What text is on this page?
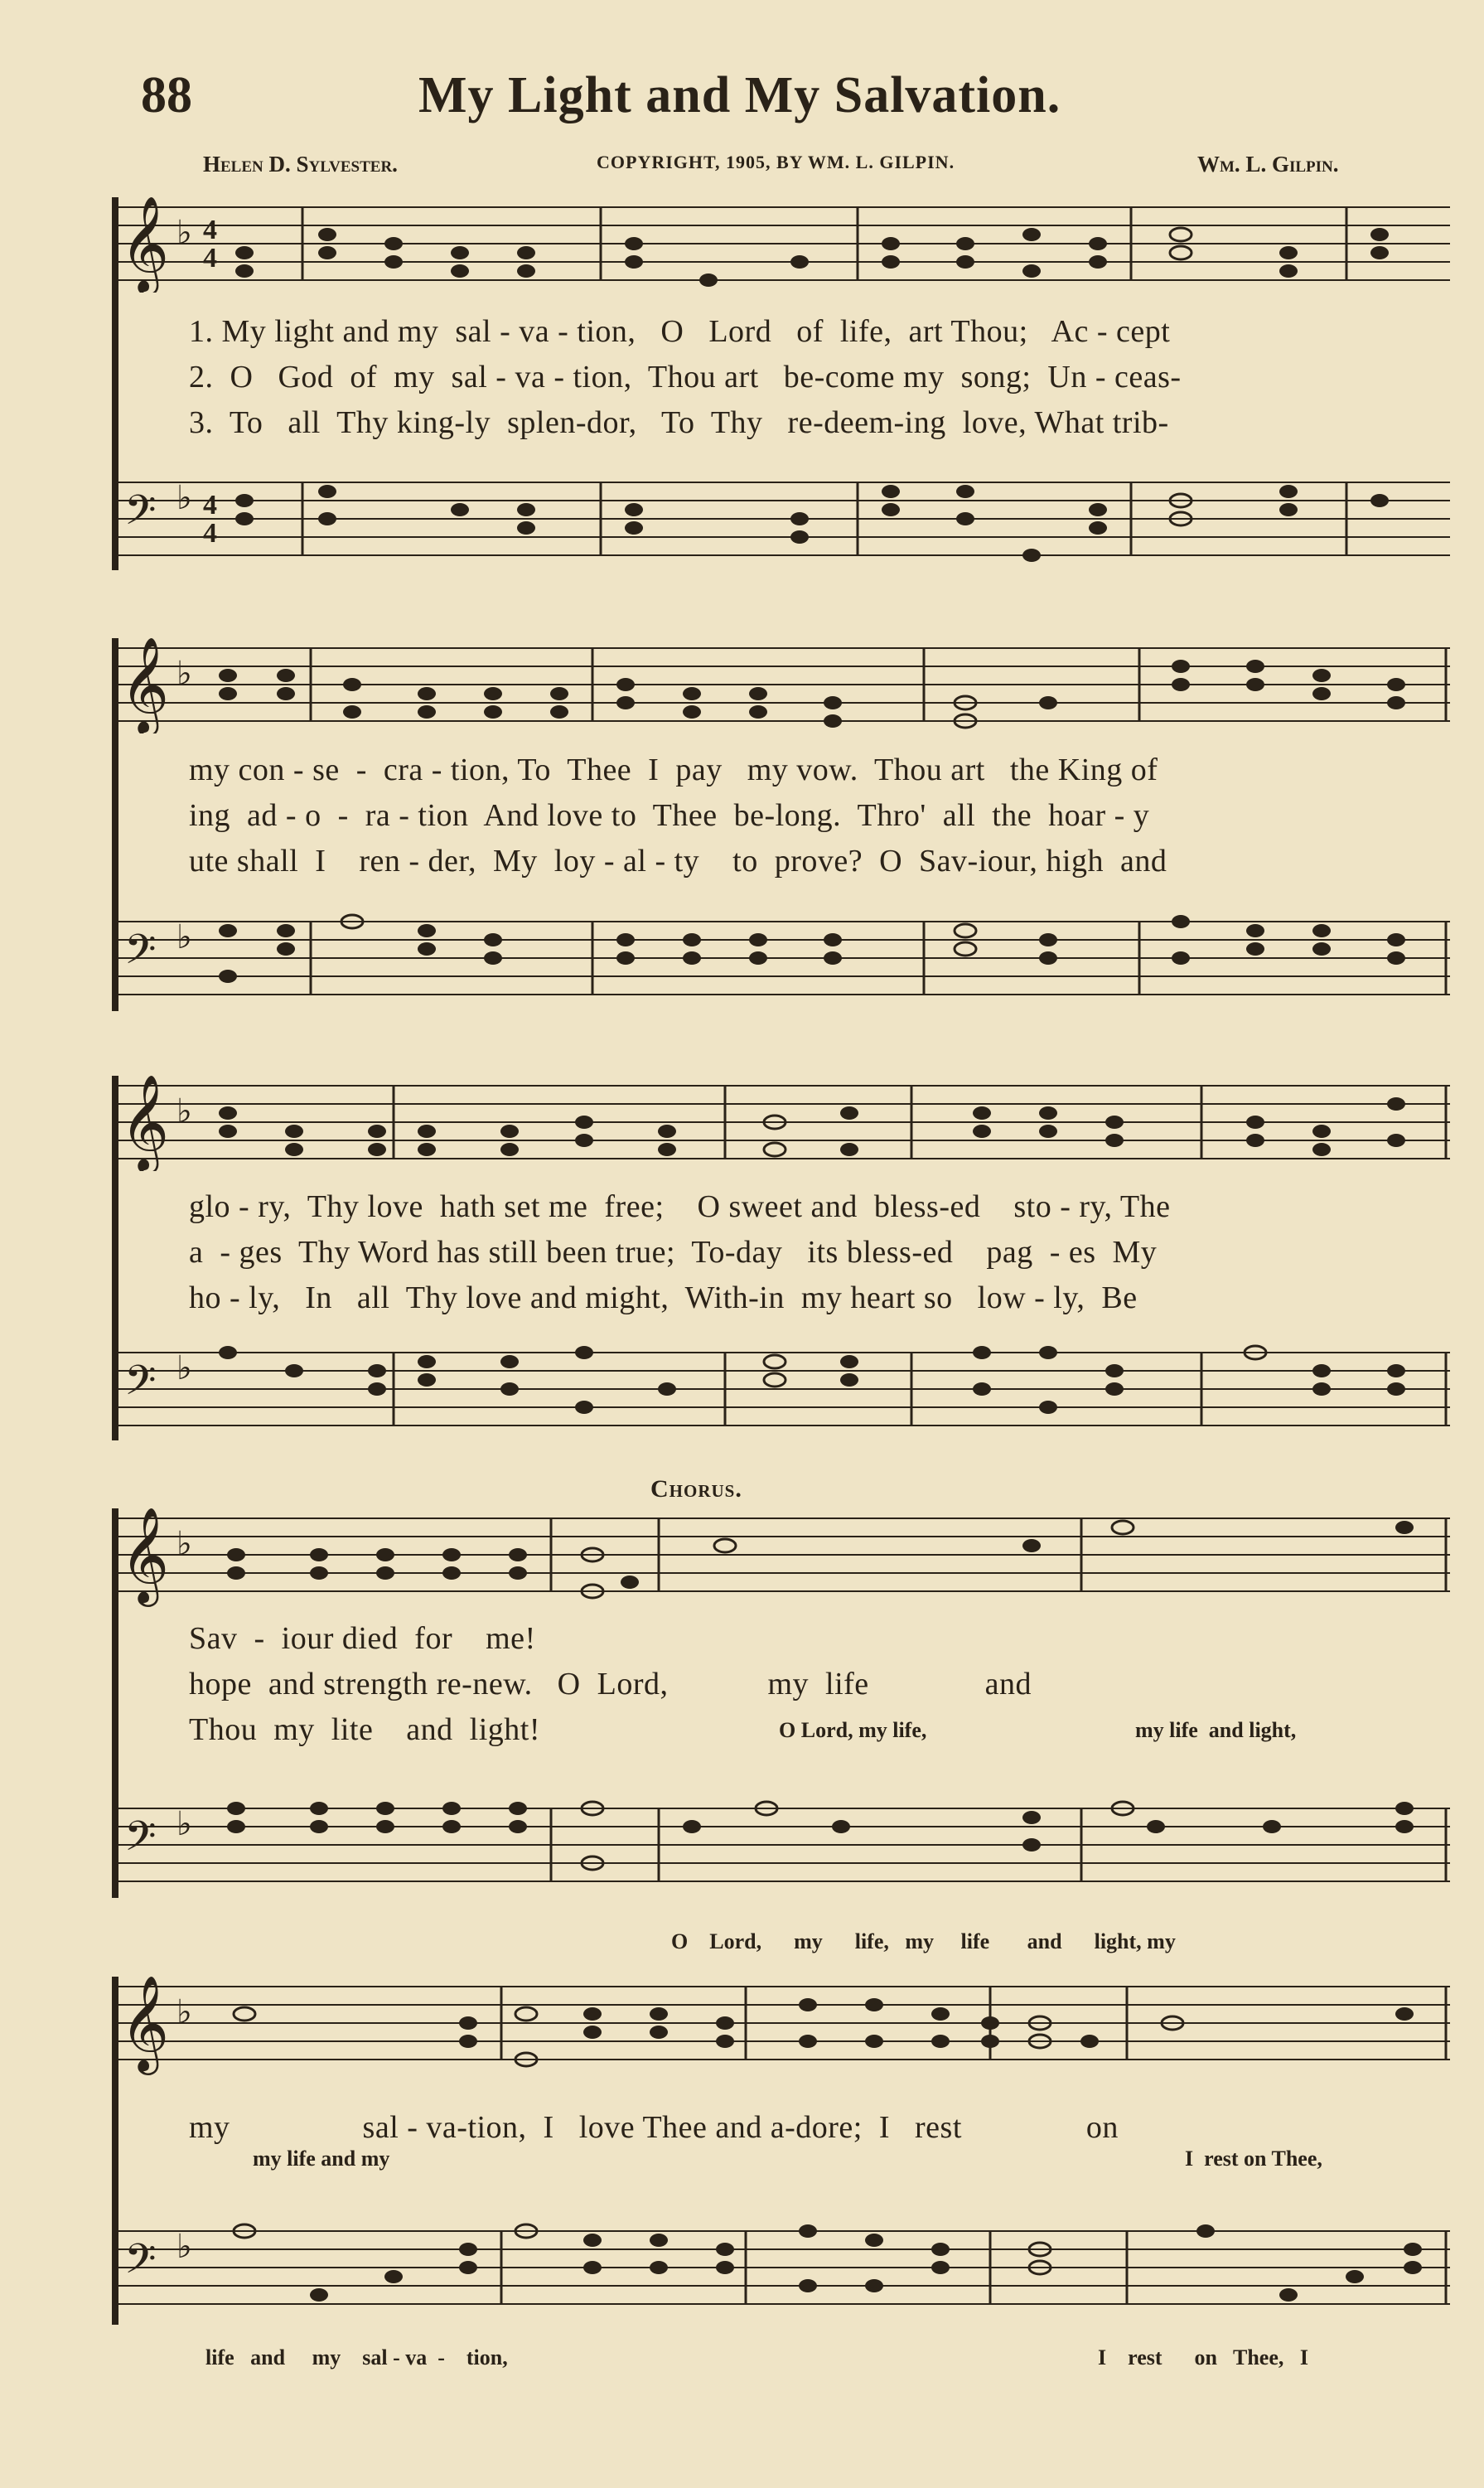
88	My Light and My Salvation.
Helen D. Sylvester.	COPYRIGHT, 1905, BY WM. L. GILPIN.	Wm. L. Gilpin.
𝄞 ♭ 4
4
1. My light and my  sal - va - tion,   O   Lord   of  life,  art Thou;   Ac - cept
2.  O   God  of  my  sal - va - tion,  Thou art   be-come my  song;  Un - ceas-
3.  To   all  Thy king-ly  splen-dor,   To  Thy   re-deem-ing  love, What trib-
𝄢 ♭ 4
4
𝄞 ♭
my con - se  -  cra - tion, To  Thee  I  pay   my vow.  Thou art   the King of
ing  ad - o  -  ra - tion  And love to  Thee  be-long.  Thro'  all  the  hoar - y
ute shall  I    ren - der,  My  loy - al - ty    to  prove?  O  Sav-iour, high  and
𝄢 ♭
𝄞 ♭
glo - ry,  Thy love  hath set me  free;    O sweet and  bless-ed    sto - ry, The
a  - ges  Thy Word has still been true;  To-day   its bless-ed    pag  - es  My
ho - ly,   In   all  Thy love and might,  With-in  my heart so   low - ly,  Be
𝄢 ♭
Chorus.
𝄞 ♭
Sav  -  iour died  for    me!
hope  and strength re-new.   O  Lord,            my  life              and
Thou  my  lite    and  light!	O Lord, my life,	my life  and light,
𝄢 ♭
O    Lord,      my      life,   my     life       and      light, my
𝄞 ♭
my                sal - va-tion,  I   love Thee and a-dore;  I   rest               on
my life and my	I  rest on Thee,
𝄢 ♭
life   and     my    sal - va  -    tion,	I    rest      on   Thee,   I
